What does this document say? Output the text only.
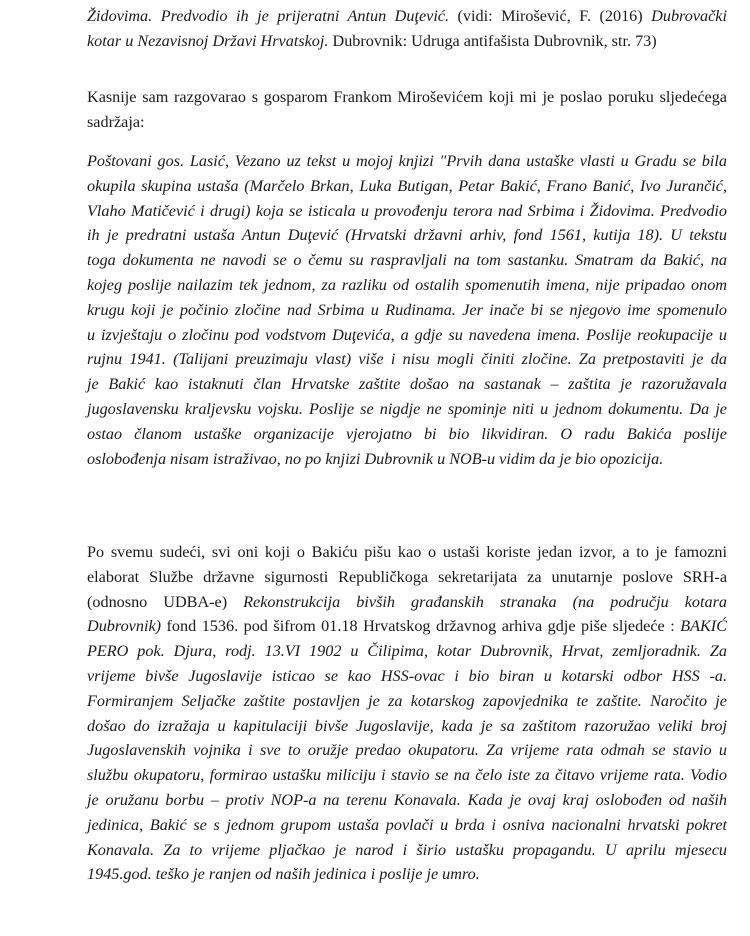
Židovima. Predvodio ih je prijeratni Antun Duţević. (vidi: Mirošević, F. (2016) Dubrovački
kotar u Nezavisnoj Državi Hrvatskoj. Dubrovnik: Udruga antifašista Dubrovnik, str. 73)
Kasnije sam razgovarao s gosparom Frankom Miroševićem koji mi je poslao poruku sljedećega
sadržaja:
Poštovani gos. Lasić, Vezano uz tekst u mojoj knjizi "Prvih dana ustaške vlasti u Gradu se bila
okupila skupina ustaša (Marčelo Brkan, Luka Butigan, Petar Bakić, Frano Banić, Ivo Jurančić,
Vlaho Matičević i drugi) koja se isticala u provođenju terora nad Srbima i Židovima. Predvodio
ih je predratni ustaša Antun Duţević (Hrvatski državni arhiv, fond 1561, kutija 18). U tekstu
toga dokumenta ne navodi se o čemu su raspravljali na tom sastanku. Smatram da Bakić, na
kojeg poslije nailazim tek jednom, za razliku od ostalih spomenutih imena, nije pripadao onom
krugu koji je počinio zločine nad Srbima u Rudinama. Jer inače bi se njegovo ime spomenulo
u izvještaju o zločinu pod vodstvom Duţevića, a gdje su navedena imena. Poslije reokupacije u
rujnu 1941. (Talijani preuzimaju vlast) više i nisu mogli činiti zločine. Za pretpostaviti je da
je Bakić kao istaknuti član Hrvatske zaštite došao na sastanak – zaštita je razoružavala
jugoslavensku kraljevsku vojsku. Poslije se nigdje ne spominje niti u jednom dokumentu. Da je
ostao članom ustaške organizacije vjerojatno bi bio likvidiran. O radu Bakića poslije
oslobođenja nisam istraživao, no po knjizi Dubrovnik u NOB-u vidim da je bio opozicija.
Po svemu sudeći, svi oni koji o Bakiću pišu kao o ustaši koriste jedan izvor, a to je famozni
elaborat Službe državne sigurnosti Republičkoga sekretarijata za unutarnje poslove SRH-a
(odnosno UDBA-e) Rekonstrukcija bivših građanskih stranaka (na području kotara
Dubrovnik) fond 1536. pod šifrom 01.18 Hrvatskog državnog arhiva gdje piše sljedeće : BAKIĆ
PERO pok. Djura, rodj. 13.VI 1902 u Čilipima, kotar Dubrovnik, Hrvat, zemljoradnik. Za
vrijeme bivše Jugoslavije isticao se kao HSS-ovac i bio biran u kotarski odbor HSS -a.
Formiranjem Seljačke zaštite postavljen je za kotarskog zapovjednika te zaštite. Naročito je
došao do izražaja u kapitulaciji bivše Jugoslavije, kada je sa zaštitom razoružao veliki broj
Jugoslavenskih vojnika i sve to oružje predao okupatoru. Za vrijeme rata odmah se stavio u
službu okupatoru, formirao ustašku miliciju i stavio se na čelo iste za čitavo vrijeme rata. Vodio
je oružanu borbu – protiv NOP-a na terenu Konavala. Kada je ovaj kraj oslobođen od naših
jedinica, Bakić se s jednom grupom ustaša povlači u brda i osniva nacionalni hrvatski pokret
Konavala. Za to vrijeme pljačkao je narod i širio ustašku propagandu. U aprilu mjesecu
1945.god. teško je ranjen od naših jedinica i poslije je umro.
